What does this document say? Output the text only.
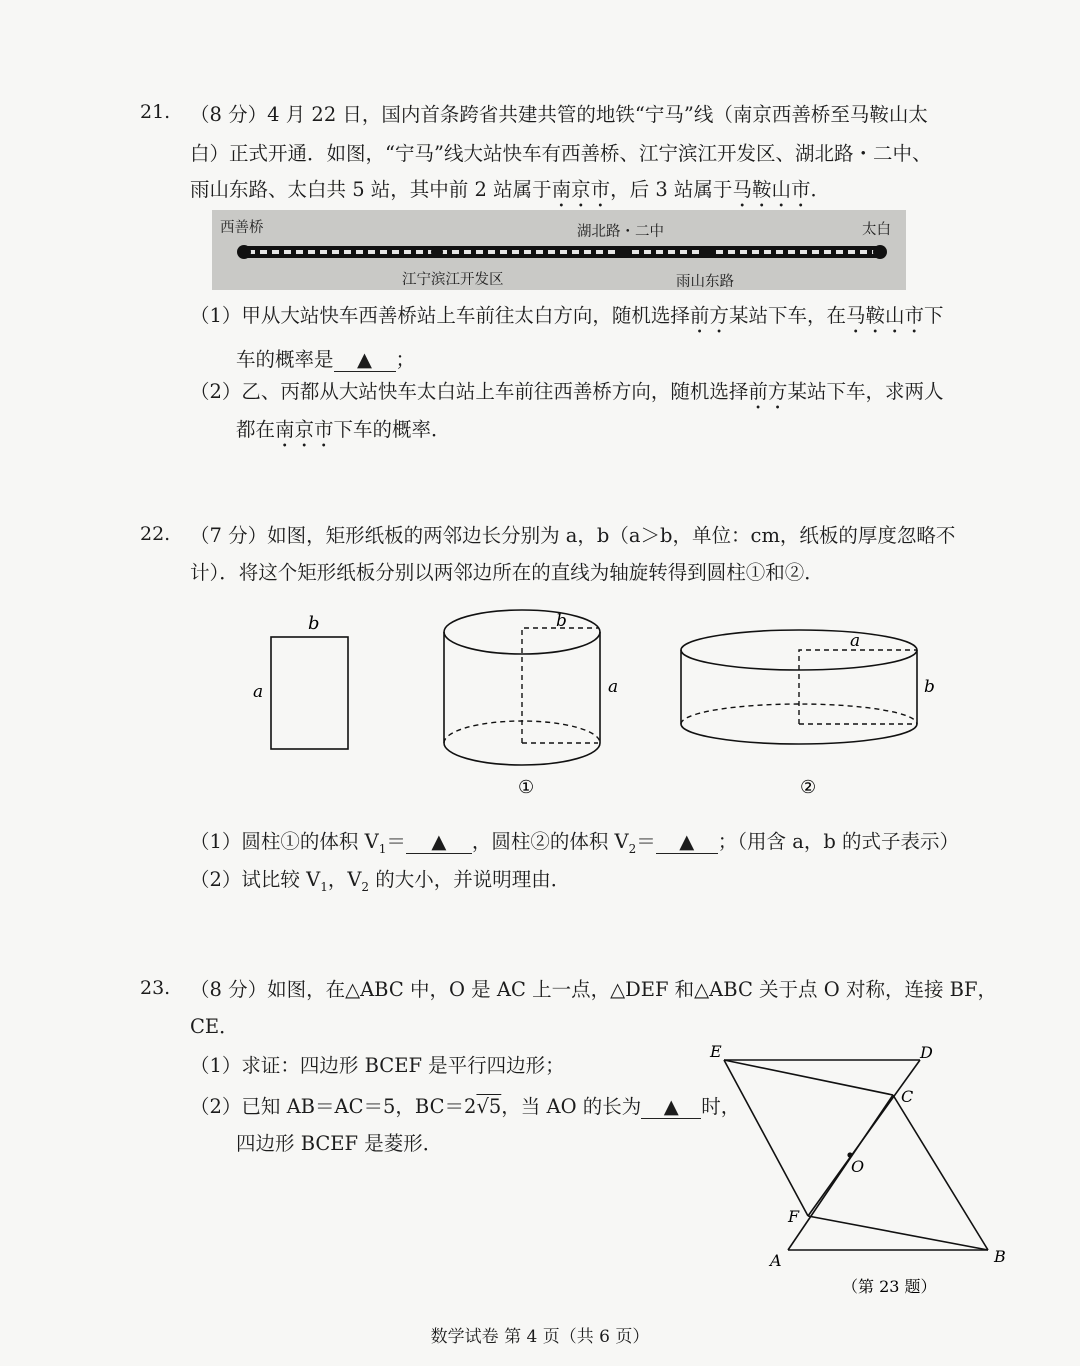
21. （8 分）4 月 22 日，国内首条跨省共建共管的地铁“宁马”线（南京西善桥至马鞍山太
白）正式开通．如图，“宁马”线大站快车有西善桥、江宁滨江开发区、湖北路・二中、
雨山东路、太白共 5 站，其中前 2 站属于南京市，后 3 站属于马鞍山市．
西善桥
江宁滨江开发区
湖北路・二中
雨山东路
太白
（1）甲从大站快车西善桥站上车前往太白方向，随机选择前方某站下车，在马鞍山市下
车的概率是 ▲ ；
（2）乙、丙都从大站快车太白站上车前往西善桥方向，随机选择前方某站下车，求两人
都在南京市下车的概率．
22. （7 分）如图，矩形纸板的两邻边长分别为 a，b（a＞b，单位：cm，纸板的厚度忽略不
计）．将这个矩形纸板分别以两邻边所在的直线为轴旋转得到圆柱①和②．
b
a
b
a
①
a
b
②
（1）圆柱①的体积 $V_1=$ ▲ ，圆柱②的体积 $V_2=$ ▲ ；（用含 a，b 的式子表示）
（2）试比较 $V_1$，$V_2$ 的大小，并说明理由．
23. （8 分）如图，在△ABC 中，O 是 AC 上一点，△DEF 和△ABC 关于点 O 对称，连接 BF，
CE．
（1）求证：四边形 BCEF 是平行四边形；
（2）已知 AB＝AC＝5，BC＝2√5，当 AO 的长为 ▲ 时，
四边形 BCEF 是菱形．
A	B
C
D
E
F
O
（第 23 题）
数学试卷 第 4 页（共 6 页）
